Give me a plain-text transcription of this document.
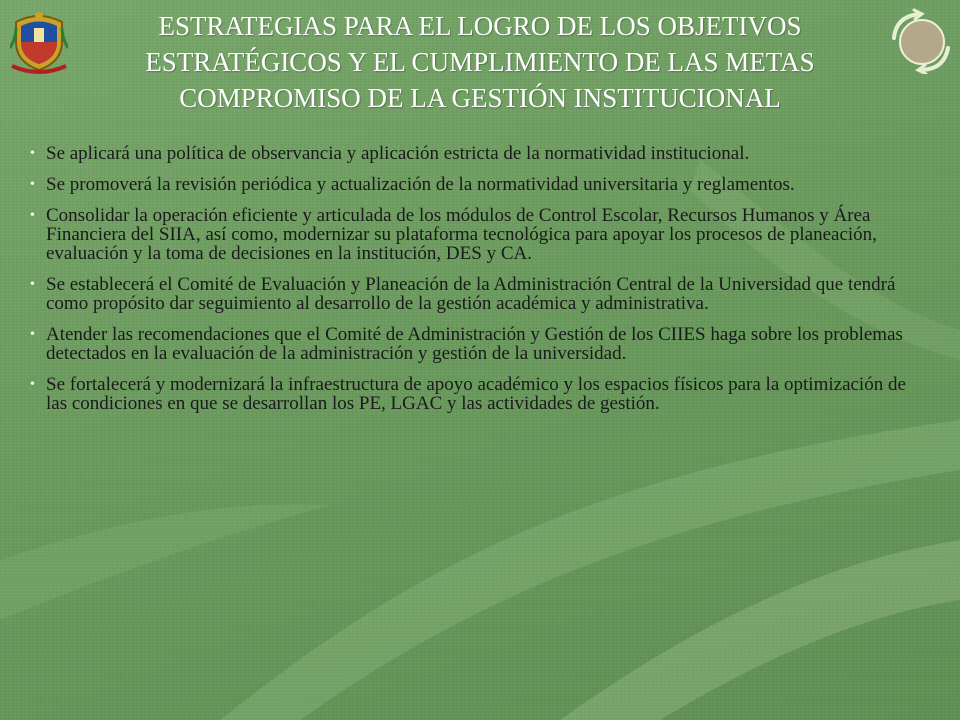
ESTRATEGIAS PARA EL LOGRO DE LOS OBJETIVOS
ESTRATÉGICOS Y EL CUMPLIMIENTO DE LAS METAS
COMPROMISO DE LA GESTIÓN INSTITUCIONAL
• Se aplicará una política de observancia y aplicación estricta de la normatividad institucional.
• Se promoverá la revisión periódica y actualización de la normatividad universitaria y reglamentos.
• Consolidar la operación eficiente y articulada de los módulos de Control Escolar, Recursos Humanos y Área Financiera del SIIA, así como, modernizar su plataforma tecnológica para apoyar los procesos de planeación, evaluación y la toma de decisiones en la institución, DES y CA.
• Se establecerá el Comité de Evaluación y Planeación de la Administración Central de la Universidad que tendrá como propósito dar seguimiento al desarrollo de la gestión académica y administrativa.
• Atender las recomendaciones que el Comité de Administración y Gestión de los CIIES haga sobre los problemas detectados en la evaluación de la administración y gestión de la universidad.
• Se fortalecerá y modernizará la infraestructura de apoyo académico y los espacios físicos para la optimización de las condiciones en que se desarrollan los PE, LGAC y las actividades de gestión.
